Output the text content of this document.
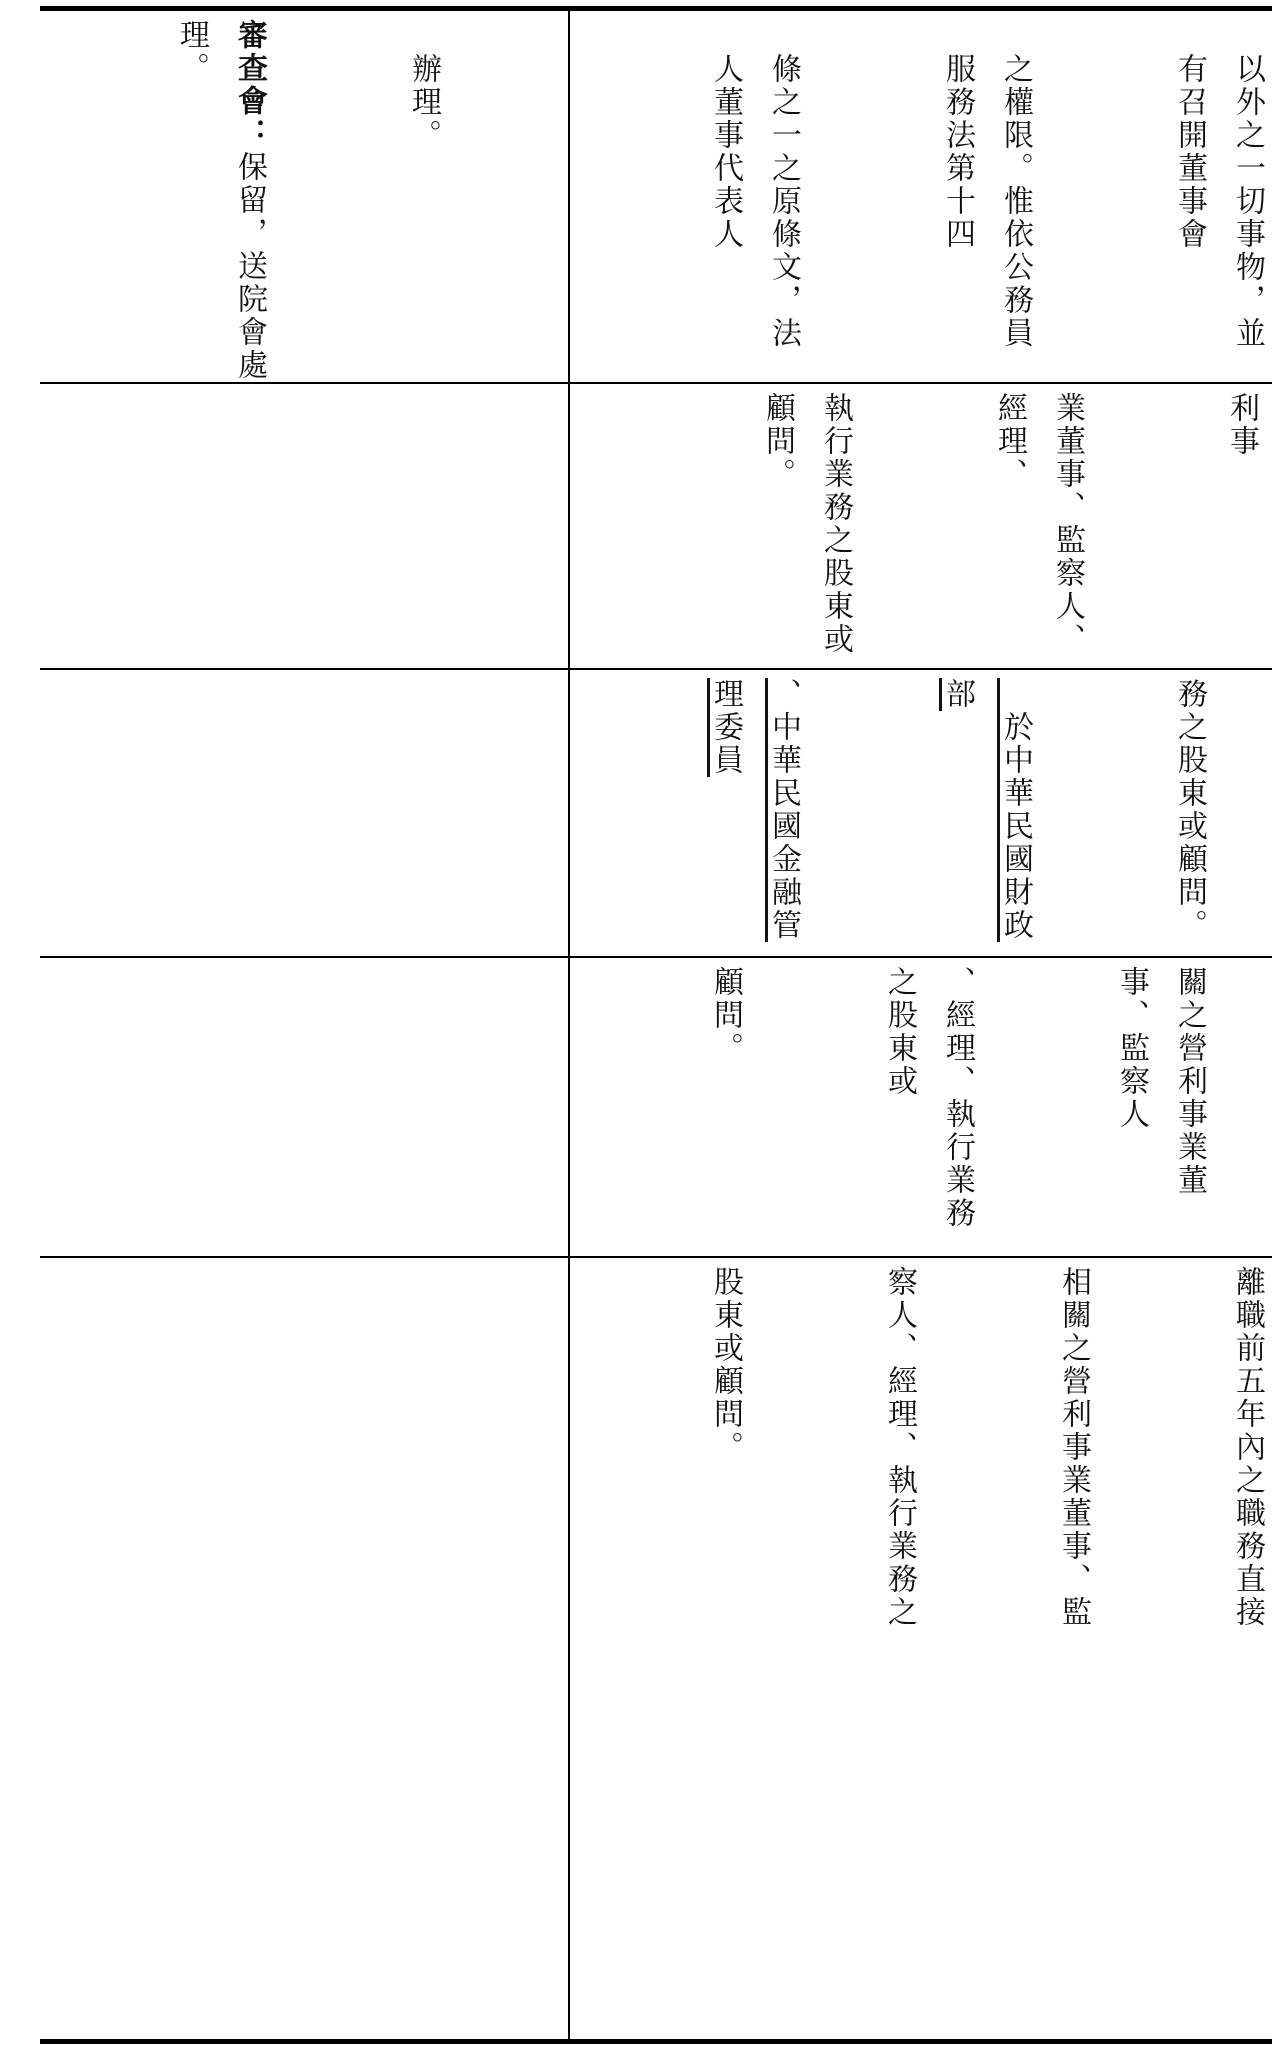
辦理。

審查會：保留，送院會處理。

以外之一切事物，並有召開董事會

之權限。惟依公務員服務法第十四

條之一之原條文，法人董事代表人

利事

業董事、監察人、經理、

執行業務之股東或顧問。

務之股東或顧問。

　於中華民國財政部

、中華民國金融管理委員

關之營利事業董事、監察人

、經理、執行業務之股東或

顧問。

離職前五年內之職務直接

相關之營利事業董事、監

察人、經理、執行業務之

股東或顧問。
